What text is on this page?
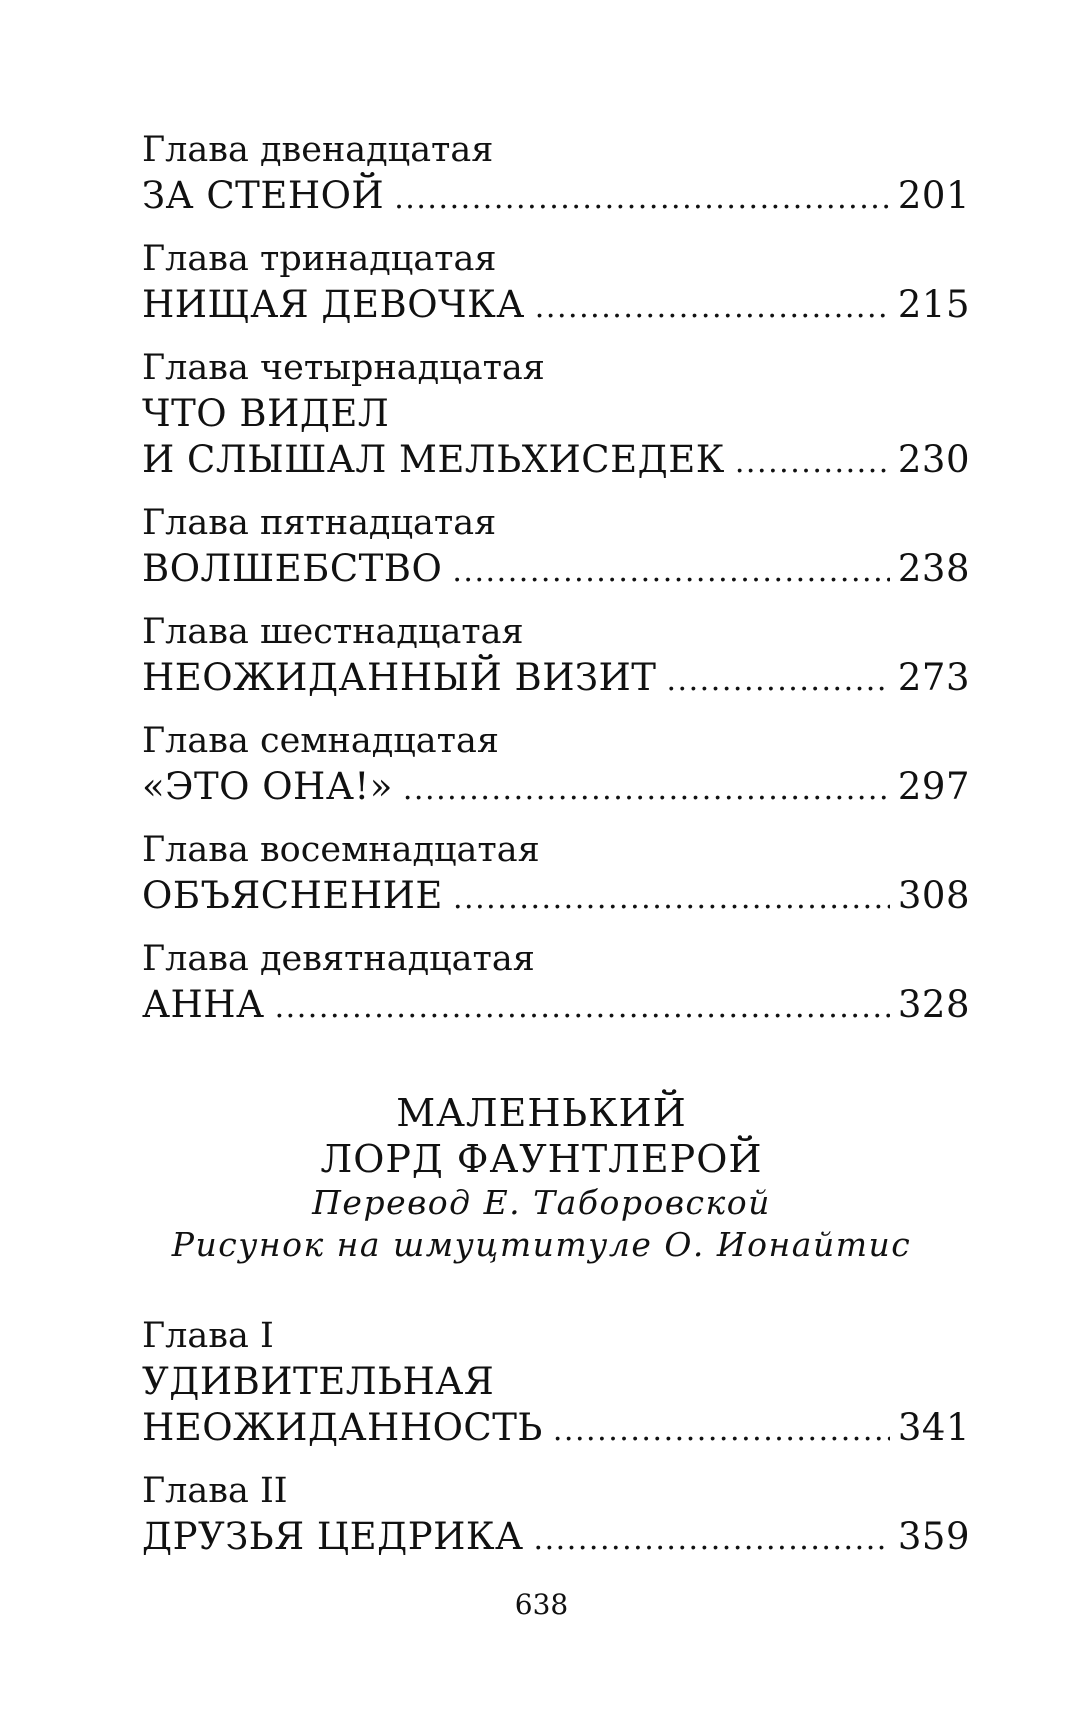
Глава двенадцатая
ЗА СТЕНОЙ . . .	201
Глава тринадцатая
НИЩАЯ ДЕВОЧКА . . .	215
Глава четырнадцатая
ЧТО ВИДЕЛ
И СЛЫШАЛ МЕЛЬХИСЕДЕК . . .	230
Глава пятнадцатая
ВОЛШЕБСТВО . . .	238
Глава шестнадцатая
НЕОЖИДАННЫЙ ВИЗИТ . . .	273
Глава семнадцатая
«ЭТО ОНА!» . . .	297
Глава восемнадцатая
ОБЪЯСНЕНИЕ . . .	308
Глава девятнадцатая
АННА . . .	328
МАЛЕНЬКИЙ
ЛОРД ФАУНТЛЕРОЙ
Перевод Е. Таборовской
Рисунок на шмуцтитуле О. Ионайтис
Глава I
УДИВИТЕЛЬНАЯ
НЕОЖИДАННОСТЬ . . .	341
Глава II
ДРУЗЬЯ ЦЕДРИКА . . .	359
638
